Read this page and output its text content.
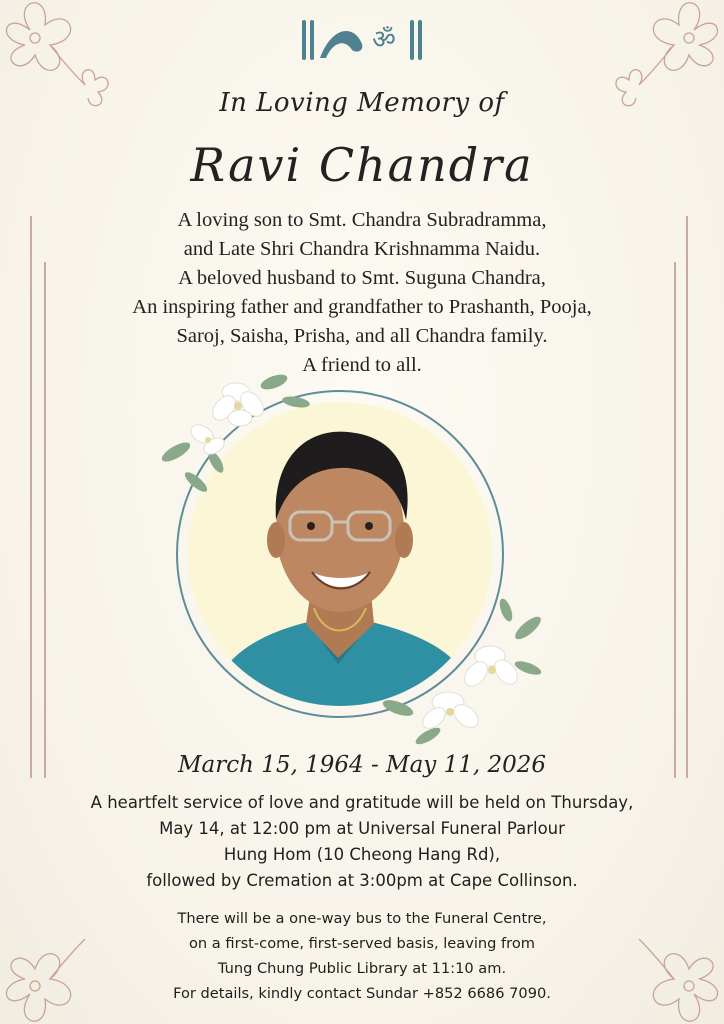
ॐ
In Loving Memory of
Ravi Chandra
A loving son to Smt. Chandra Subradramma,
and Late Shri Chandra Krishnamma Naidu.
A beloved husband to Smt. Suguna Chandra,
An inspiring father and grandfather to Prashanth, Pooja,
Saroj, Saisha, Prisha, and all Chandra family.
A friend to all.
March 15, 1964 - May 11, 2026
A heartfelt service of love and gratitude will be held on Thursday,
May 14, at 12:00 pm at Universal Funeral Parlour
Hung Hom (10 Cheong Hang Rd),
followed by Cremation at 3:00pm at Cape Collinson.
There will be a one-way bus to the Funeral Centre,
on a first-come, first-served basis, leaving from
Tung Chung Public Library at 11:10 am.
For details, kindly contact Sundar +852 6686 7090.
